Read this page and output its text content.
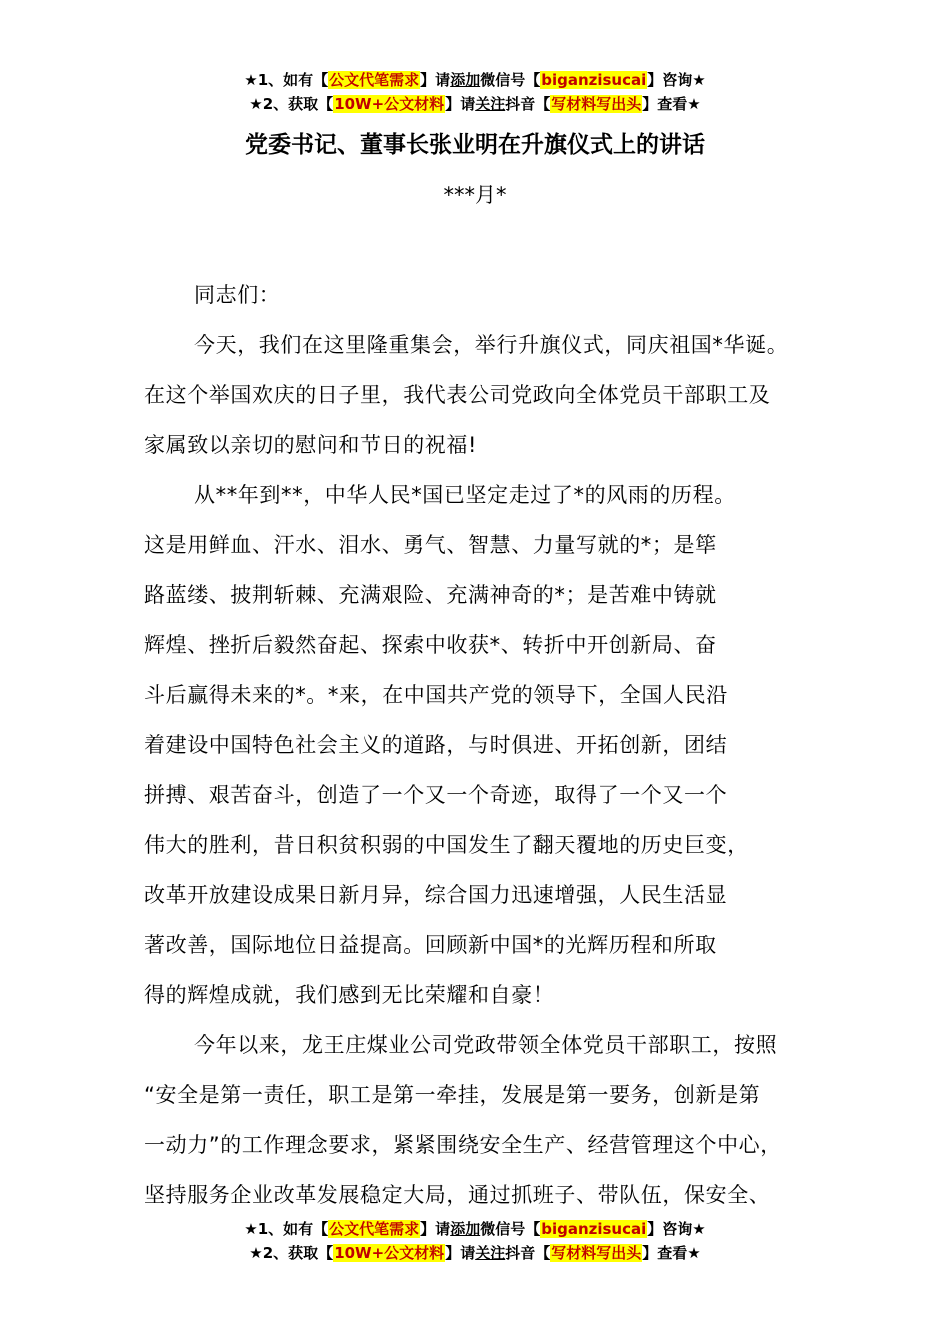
★1、如有【公文代笔需求】请添加微信号【biganzisucai】咨询★
★2、获取【10W+公文材料】请关注抖音【写材料写出头】查看★
党委书记、董事长张业明在升旗仪式上的讲话
***月*

同志们：

今天，我们在这里隆重集会，举行升旗仪式，同庆祖国*华诞。

在这个举国欢庆的日子里，我代表公司党政向全体党员干部职工及

家属致以亲切的慰问和节日的祝福!

从**年到**，中华人民*国已坚定走过了*的风雨的历程。

这是用鲜血、汗水、泪水、勇气、智慧、力量写就的*；是筚

路蓝缕、披荆斩棘、充满艰险、充满神奇的*；是苦难中铸就

辉煌、挫折后毅然奋起、探索中收获*、转折中开创新局、奋

斗后赢得未来的*。*来，在中国共产党的领导下，全国人民沿

着建设中国特色社会主义的道路，与时俱进、开拓创新，团结

拼搏、艰苦奋斗，创造了一个又一个奇迹，取得了一个又一个

伟大的胜利，昔日积贫积弱的中国发生了翻天覆地的历史巨变，

改革开放建设成果日新月异，综合国力迅速增强，人民生活显

著改善，国际地位日益提高。回顾新中国*的光辉历程和所取

得的辉煌成就，我们感到无比荣耀和自豪！

今年以来，龙王庄煤业公司党政带领全体党员干部职工，按照

“安全是第一责任，职工是第一牵挂，发展是第一要务，创新是第

一动力”的工作理念要求，紧紧围绕安全生产、经营管理这个中心，

坚持服务企业改革发展稳定大局，通过抓班子、带队伍，保安全、

★1、如有【公文代笔需求】请添加微信号【biganzisucai】咨询★
★2、获取【10W+公文材料】请关注抖音【写材料写出头】查看★
